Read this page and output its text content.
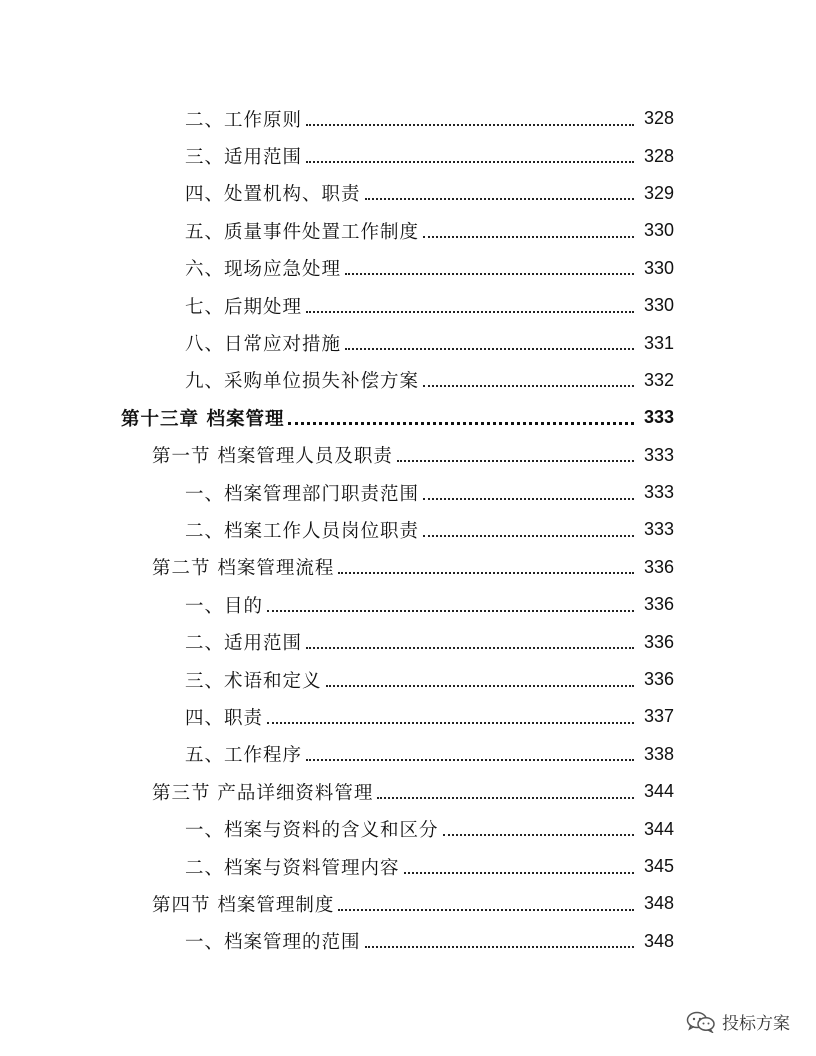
二、工作原则	328
三、适用范围	328
四、处置机构、职责	329
五、质量事件处置工作制度	330
六、现场应急处理	330
七、后期处理	330
八、日常应对措施	331
九、采购单位损失补偿方案	332
第十三章 档案管理	333
第一节 档案管理人员及职责	333
一、档案管理部门职责范围	333
二、档案工作人员岗位职责	333
第二节 档案管理流程	336
一、目的	336
二、适用范围	336
三、术语和定义	336
四、职责	337
五、工作程序	338
第三节 产品详细资料管理	344
一、档案与资料的含义和区分	344
二、档案与资料管理内容	345
第四节 档案管理制度	348
一、档案管理的范围	348
投标方案
